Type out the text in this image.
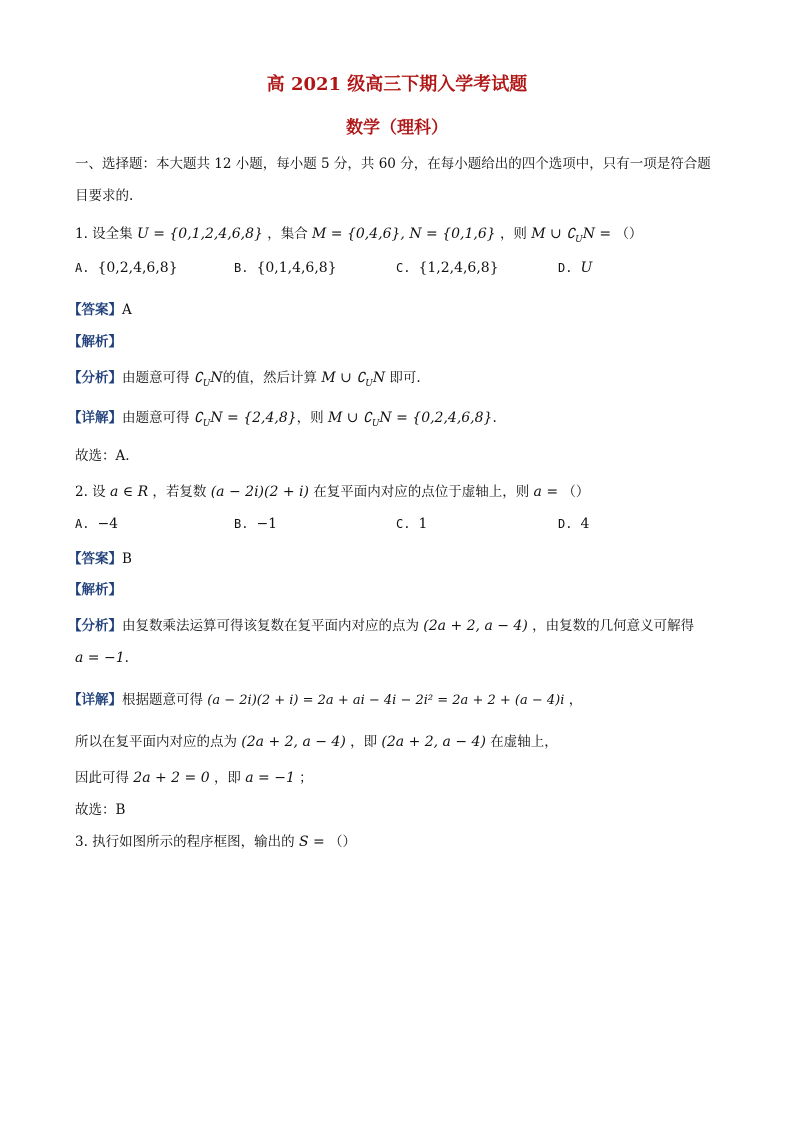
高 2021 级高三下期入学考试题
数学（理科）
一、选择题：本大题共 12 小题，每小题 5 分，共 60 分，在每小题给出的四个选项中，只有一项是符合题
目要求的.
1. 设全集 U = {0,1,2,4,6,8} ，集合 M = {0,4,6}, N = {0,1,6} ，则 M ∪ $∁_UN$ = （）
A. {0,2,4,6,8}	B. {0,1,4,6,8}	C. {1,2,4,6,8}	D. U
【答案】A
【解析】
【分析】由题意可得 $∁_UN$的值，然后计算 M ∪ $∁_UN$ 即可.
【详解】由题意可得 $∁_UN = \{2,4,8\}$，则 M ∪ $∁_UN = \{0,2,4,6,8\}$.
故选：A.
2. 设 a ∈ R ，若复数 (a − 2i)(2 + i) 在复平面内对应的点位于虚轴上，则 a = （）
A. −4	B. −1	C. 1	D. 4
【答案】B
【解析】
【分析】由复数乘法运算可得该复数在复平面内对应的点为 (2a + 2, a − 4) ，由复数的几何意义可解得
a = −1.
【详解】根据题意可得 (a − 2i)(2 + i) = 2a + ai − 4i − 2i² = 2a + 2 + (a − 4)i ，
所以在复平面内对应的点为 (2a + 2, a − 4) ，即 (2a + 2, a − 4) 在虚轴上，
因此可得 2a + 2 = 0 ，即 a = −1 ；
故选：B
3. 执行如图所示的程序框图，输出的 S = （）
